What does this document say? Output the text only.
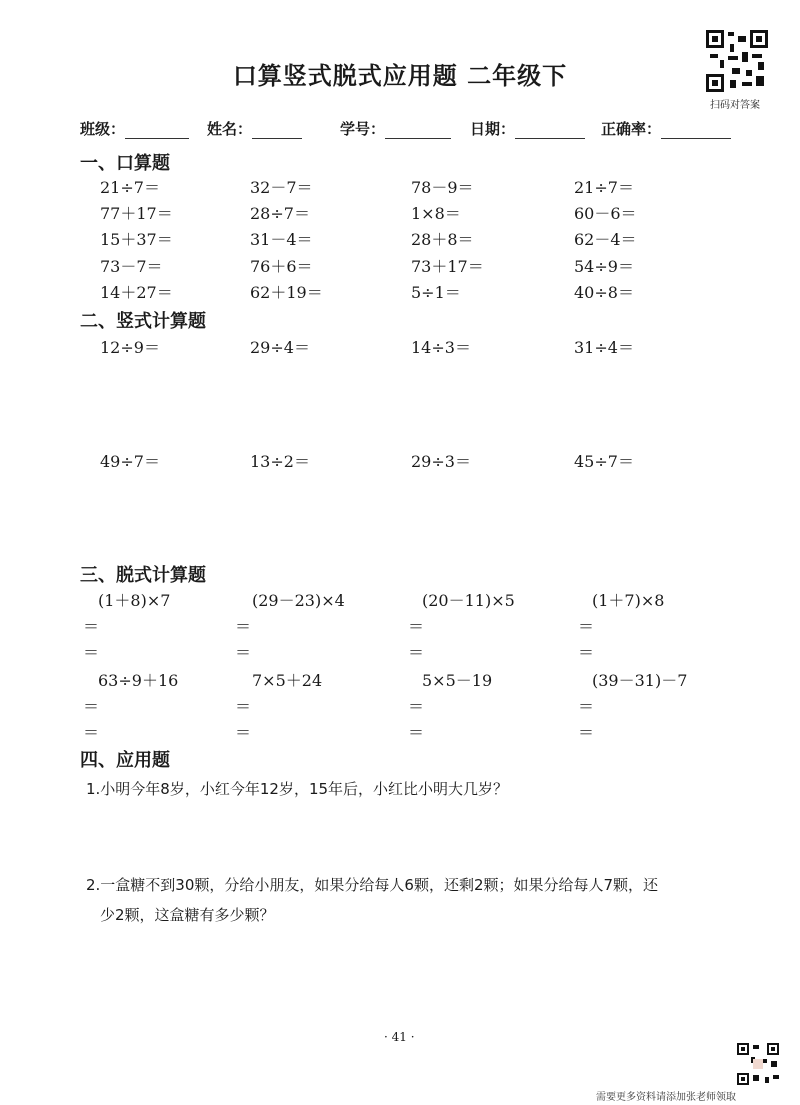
口算竖式脱式应用题 二年级下
扫码对答案
班级：	姓名：	学号：	日期：	正确率：
一、口算题
21÷7＝	32－7＝	78－9＝	21÷7＝
77＋17＝	28÷7＝	1×8＝	60－6＝
15＋37＝	31－4＝	28＋8＝	62－4＝
73－7＝	76＋6＝	73＋17＝	54÷9＝
14＋27＝	62＋19＝	5÷1＝	40÷8＝
二、竖式计算题
12÷9＝	29÷4＝	14÷3＝	31÷4＝
49÷7＝	13÷2＝	29÷3＝	45÷7＝
三、脱式计算题
(1＋8)×7	(29－23)×4	(20－11)×5	(1＋7)×8
＝	＝	＝	＝
＝	＝	＝	＝
63÷9＋16	7×5＋24	5×5－19	(39－31)－7
＝	＝	＝	＝
＝	＝	＝	＝
四、应用题
1.小明今年8岁，小红今年12岁，15年后，小红比小明大几岁？
2.一盒糖不到30颗，分给小朋友，如果分给每人6颗，还剩2颗；如果分给每人7颗，还
少2颗，这盒糖有多少颗？
· 41 ·
需要更多资料请添加张老师领取
